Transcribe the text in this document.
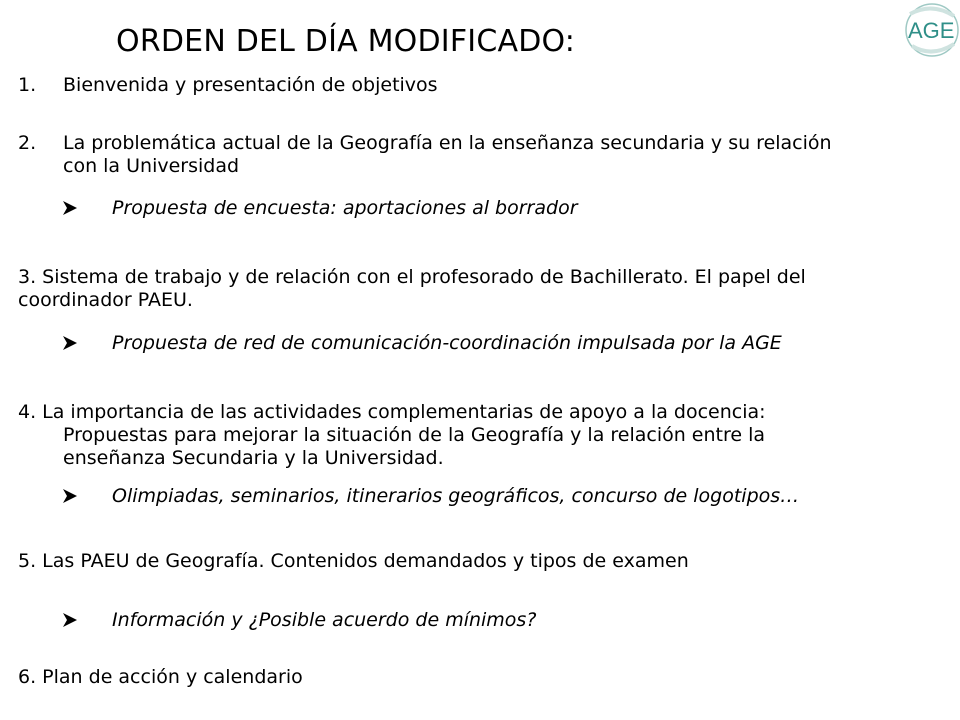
ORDEN DEL DÍA MODIFICADO:	AGE
1. Bienvenida y presentación de objetivos
2. La problemática actual de la Geografía en la enseñanza secundaria y su relación
con la Universidad
Propuesta de encuesta: aportaciones al borrador
3. Sistema de trabajo y de relación con el profesorado de Bachillerato. El papel del
coordinador PAEU.
Propuesta de red de comunicación-coordinación impulsada por la AGE
4. La importancia de las actividades complementarias de apoyo a la docencia:
Propuestas para mejorar la situación de la Geografía y la relación entre la
enseñanza Secundaria y la Universidad.
Olimpiadas, seminarios, itinerarios geográficos, concurso de logotipos…
5. Las PAEU de Geografía. Contenidos demandados y tipos de examen
Información y ¿Posible acuerdo de mínimos?
6. Plan de acción y calendario
